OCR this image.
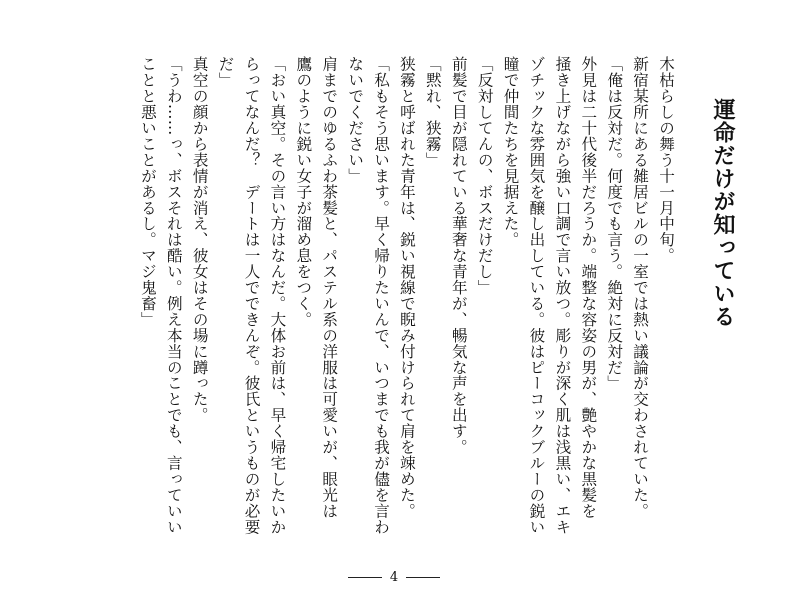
運命だけが知っている
木枯らしの舞う十一月中旬。
新宿某所にある雑居ビルの一室では熱い議論が交わされていた。
「俺は反対だ。何度でも言う。絶対に反対だ」
外見は二十代後半だろうか。端整な容姿の男が、艶やかな黒髪を
掻き上げながら強い口調で言い放つ。彫りが深く肌は浅黒い、エキ
ゾチックな雰囲気を醸し出している。彼はピーコックブルーの鋭い
瞳で仲間たちを見据えた。
「反対してんの、ボスだけだし」
前髪で目が隠れている華奢な青年が、暢気な声を出す。
「黙れ、狭霧」
狭霧と呼ばれた青年は、鋭い視線で睨み付けられて肩を竦めた。
「私もそう思います。早く帰りたいんで、いつまでも我が儘を言わ
ないでください」
肩までのゆるふわ茶髪と、パステル系の洋服は可愛いが、眼光は
鷹のように鋭い女子が溜め息をつく。
「おい真空。その言い方はなんだ。大体お前は、早く帰宅したいか
らってなんだ？　デートは一人でできんぞ。彼氏というものが必要
だ」
真空の顔から表情が消え、彼女はその場に蹲った。
「うわ……っ、ボスそれは酷い。例え本当のことでも、言っていい
ことと悪いことがあるし。マジ鬼畜」
4
